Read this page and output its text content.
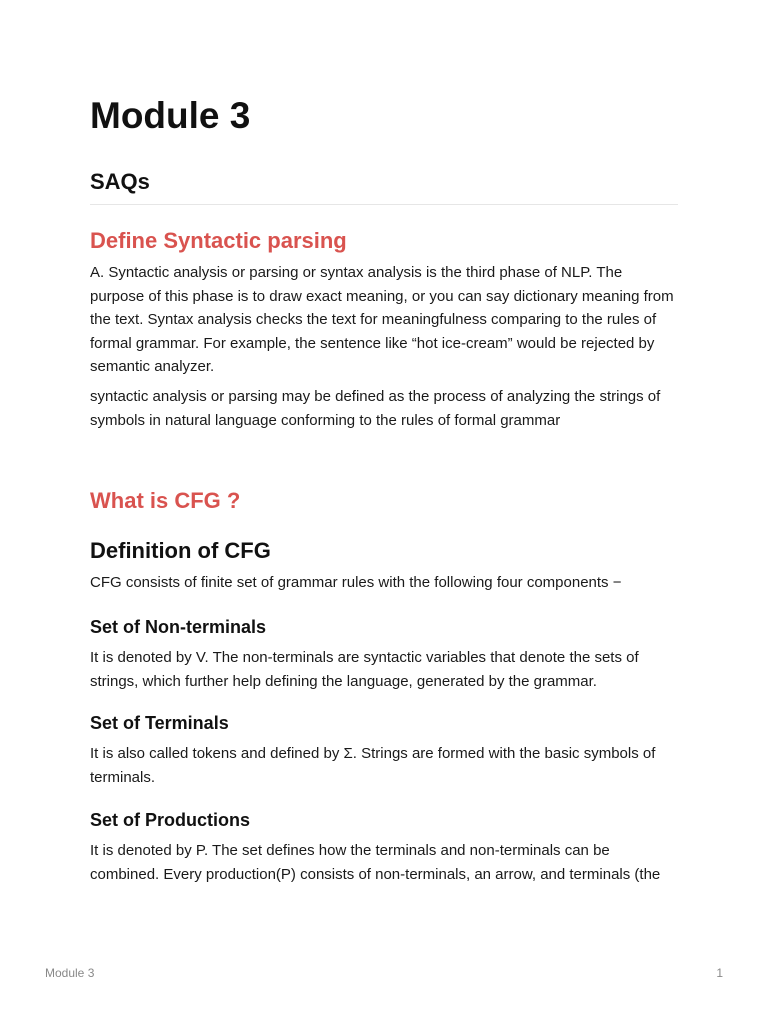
Module 3
SAQs
Define Syntactic parsing
A. Syntactic analysis or parsing or syntax analysis is the third phase of NLP. The purpose of this phase is to draw exact meaning, or you can say dictionary meaning from the text. Syntax analysis checks the text for meaningfulness comparing to the rules of formal grammar. For example, the sentence like “hot ice-cream” would be rejected by semantic analyzer.
syntactic analysis or parsing may be defined as the process of analyzing the strings of symbols in natural language conforming to the rules of formal grammar
What is CFG ?
Definition of CFG
CFG consists of finite set of grammar rules with the following four components −
Set of Non-terminals
It is denoted by V. The non-terminals are syntactic variables that denote the sets of strings, which further help defining the language, generated by the grammar.
Set of Terminals
It is also called tokens and defined by Σ. Strings are formed with the basic symbols of terminals.
Set of Productions
It is denoted by P. The set defines how the terminals and non-terminals can be combined. Every production(P) consists of non-terminals, an arrow, and terminals (the
Module 3	1
